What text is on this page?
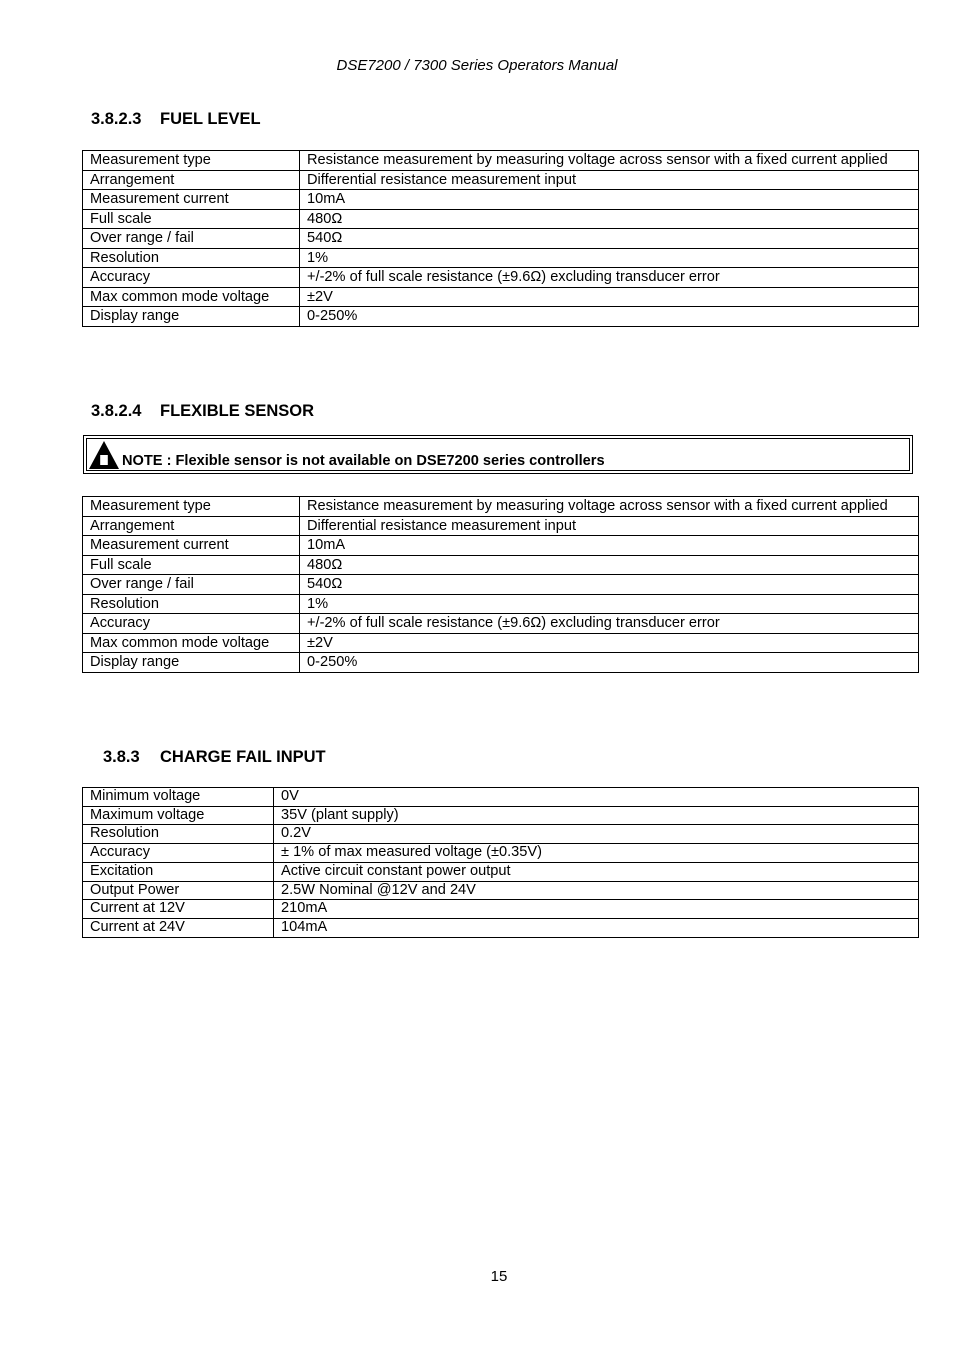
DSE7200 / 7300 Series Operators Manual
3.8.2.3 FUEL LEVEL
Measurement type	Resistance measurement by measuring voltage across sensor with a fixed current applied
Arrangement	Differential resistance measurement input
Measurement current	10mA
Full scale	480Ω
Over range / fail	540Ω
Resolution	1%
Accuracy	+/-2% of full scale resistance (±9.6Ω) excluding transducer error
Max common mode voltage	±2V
Display range	0-250%
3.8.2.4 FLEXIBLE SENSOR
NOTE : Flexible sensor is not available on DSE7200 series controllers
Measurement type	Resistance measurement by measuring voltage across sensor with a fixed current applied
Arrangement	Differential resistance measurement input
Measurement current	10mA
Full scale	480Ω
Over range / fail	540Ω
Resolution	1%
Accuracy	+/-2% of full scale resistance (±9.6Ω) excluding transducer error
Max common mode voltage	±2V
Display range	0-250%
3.8.3 CHARGE FAIL INPUT
Minimum voltage	0V
Maximum voltage	35V (plant supply)
Resolution	0.2V
Accuracy	± 1% of max measured voltage (±0.35V)
Excitation	Active circuit constant power output
Output Power	2.5W Nominal @12V and 24V
Current at 12V	210mA
Current at 24V	104mA
15
